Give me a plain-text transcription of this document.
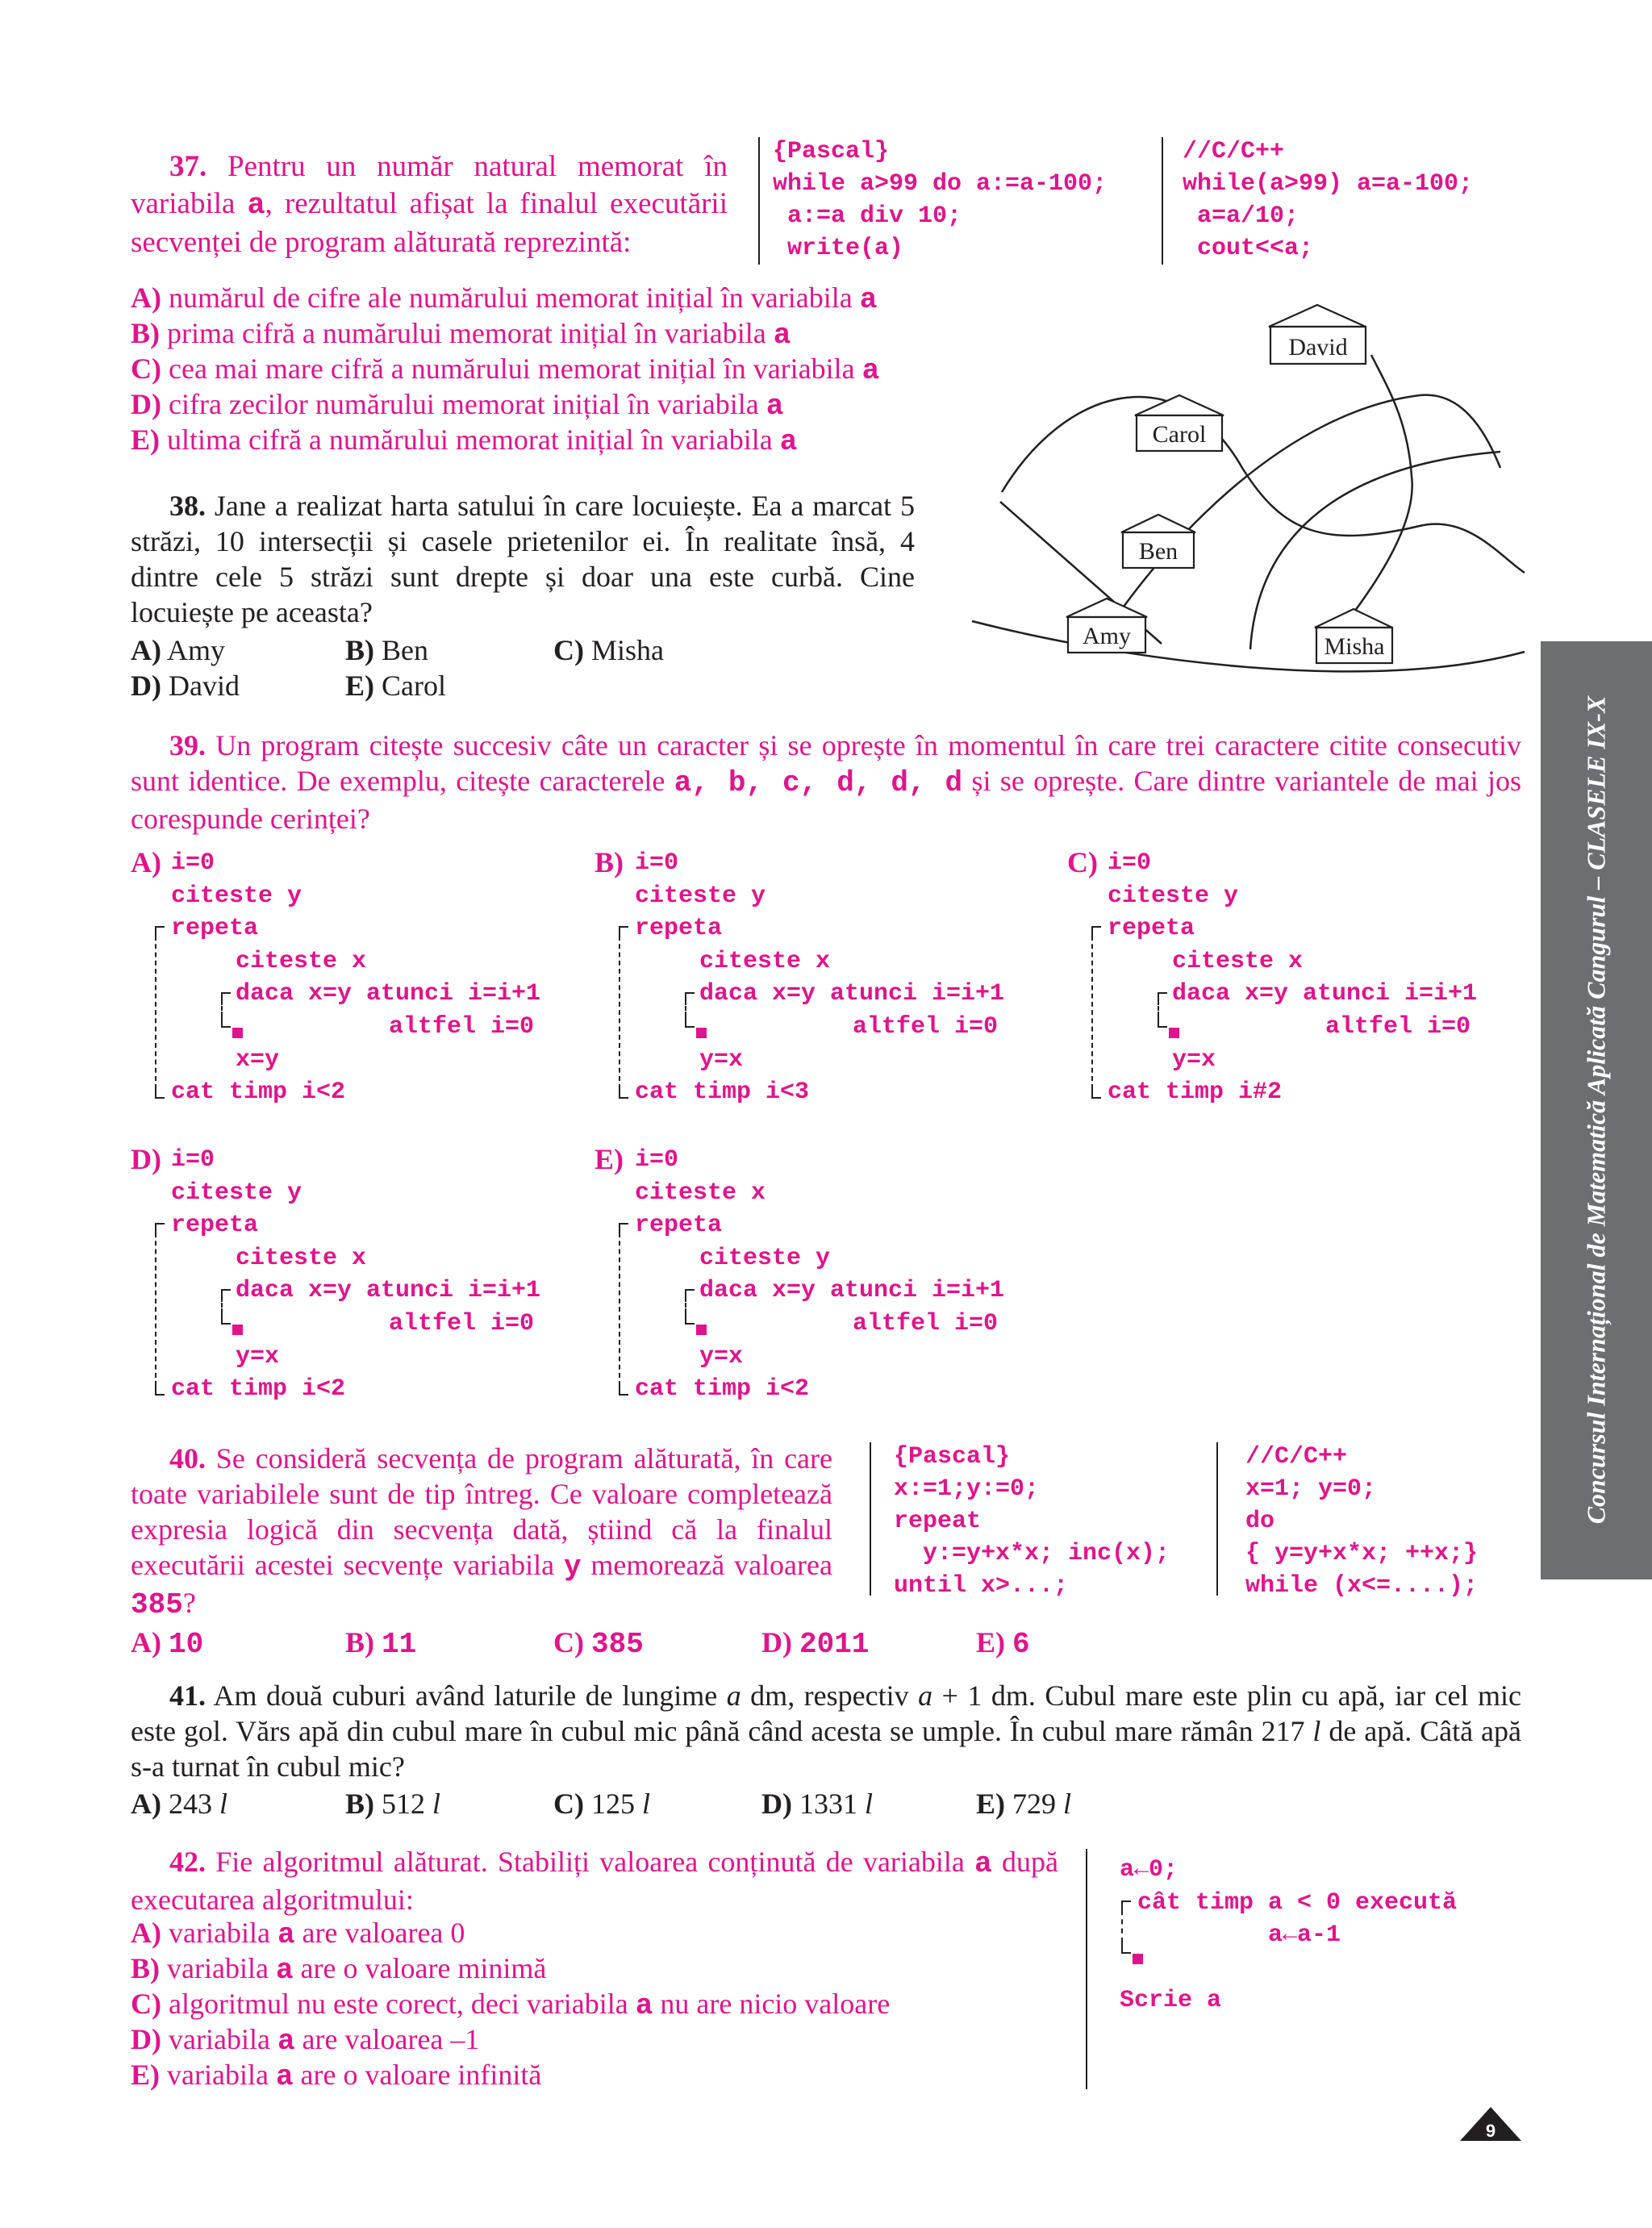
37. Pentru un număr natural memorat în variabila a, rezultatul afișat la finalul executării secvenței de program alăturată reprezintă:
{Pascal}
while a>99 do a:=a-100;
a:=a div 10;
write(a)
//C/C++
while(a>99) a=a-100;
a=a/10;
cout<<a;
A) numărul de cifre ale numărului memorat inițial în variabila a
B) prima cifră a numărului memorat inițial în variabila a
C) cea mai mare cifră a numărului memorat inițial în variabila a
D) cifra zecilor numărului memorat inițial în variabila a
E) ultima cifră a numărului memorat inițial în variabila a
38. Jane a realizat harta satului în care locuiește. Ea a marcat 5 străzi, 10 intersecții și casele prietenilor ei. În realitate însă, 4 dintre cele 5 străzi sunt drepte și doar una este curbă. Cine locuiește pe aceasta?
A) Amy	B) Ben	C) Misha
D) David	E) Carol
David
Carol
Ben
Amy	Misha
39. Un program citește succesiv câte un caracter și se oprește în momentul în care trei caractere citite consecutiv sunt identice. De exemplu, citește caracterele a, b, c, d, d, d și se oprește. Care dintre variantele de mai jos corespunde cerinței?
A) i=0
citeste y
repeta
citeste x
daca x=y atunci i=i+1
altfel i=0
x=y
cat timp i<2
B) i=0
citeste y
repeta
citeste x
daca x=y atunci i=i+1
altfel i=0
y=x
cat timp i<3
C) i=0
citeste y
repeta
citeste x
daca x=y atunci i=i+1
altfel i=0
y=x
cat timp i#2
D) i=0
citeste y
repeta
citeste x
daca x=y atunci i=i+1
altfel i=0
y=x
cat timp i<2
E) i=0
citeste x
repeta
citeste y
daca x=y atunci i=i+1
altfel i=0
y=x
cat timp i<2
40. Se consideră secvența de program alăturată, în care toate variabilele sunt de tip întreg. Ce valoare completează expresia logică din secvența dată, știind că la finalul executării acestei secvențe variabila y memorează valoarea 385?
{Pascal}
x:=1;y:=0;
repeat
y:=y+x*x; inc(x);
until x>...;
//C/C++
x=1; y=0;
do
{ y=y+x*x; ++x;}
while (x<=....);
A) 10	B) 11	C) 385	D) 2011	E) 6
41. Am două cuburi având laturile de lungime a dm, respectiv a + 1 dm. Cubul mare este plin cu apă, iar cel mic este gol. Vărs apă din cubul mare în cubul mic până când acesta se umple. În cubul mare rămân 217 l de apă. Câtă apă s-a turnat în cubul mic?
A) 243 l	B) 512 l	C) 125 l	D) 1331 l	E) 729 l
42. Fie algoritmul alăturat. Stabiliți valoarea conținută de variabila a după executarea algoritmului:
A) variabila a are valoarea 0
B) variabila a are o valoare minimă
C) algoritmul nu este corect, deci variabila a nu are nicio valoare
D) variabila a are valoarea –1
E) variabila a are o valoare infinită
a←0;
cât timp a < 0 execută
a←a-1
Scrie a
Concursul Internațional de Matematică Aplicată Cangurul – CLASELE IX-X
9
